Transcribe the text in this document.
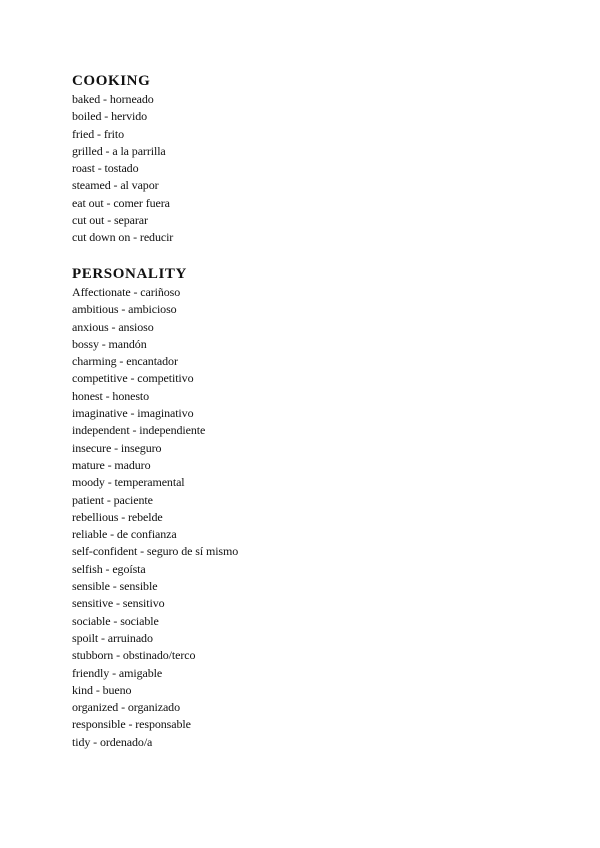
COOKING
baked - horneado
boiled - hervido
fried - frito
grilled - a la parrilla
roast - tostado
steamed - al vapor
eat out - comer fuera
cut out - separar
cut down on - reducir
PERSONALITY
Affectionate - cariñoso
ambitious - ambicioso
anxious - ansioso
bossy - mandón
charming - encantador
competitive - competitivo
honest - honesto
imaginative - imaginativo
independent - independiente
insecure - inseguro
mature - maduro
moody - temperamental
patient - paciente
rebellious - rebelde
reliable - de confianza
self-confident - seguro de sí mismo
selfish - egoísta
sensible - sensible
sensitive - sensitivo
sociable - sociable
spoilt - arruinado
stubborn - obstinado/terco
friendly - amigable
kind - bueno
organized - organizado
responsible - responsable
tidy - ordenado/a
